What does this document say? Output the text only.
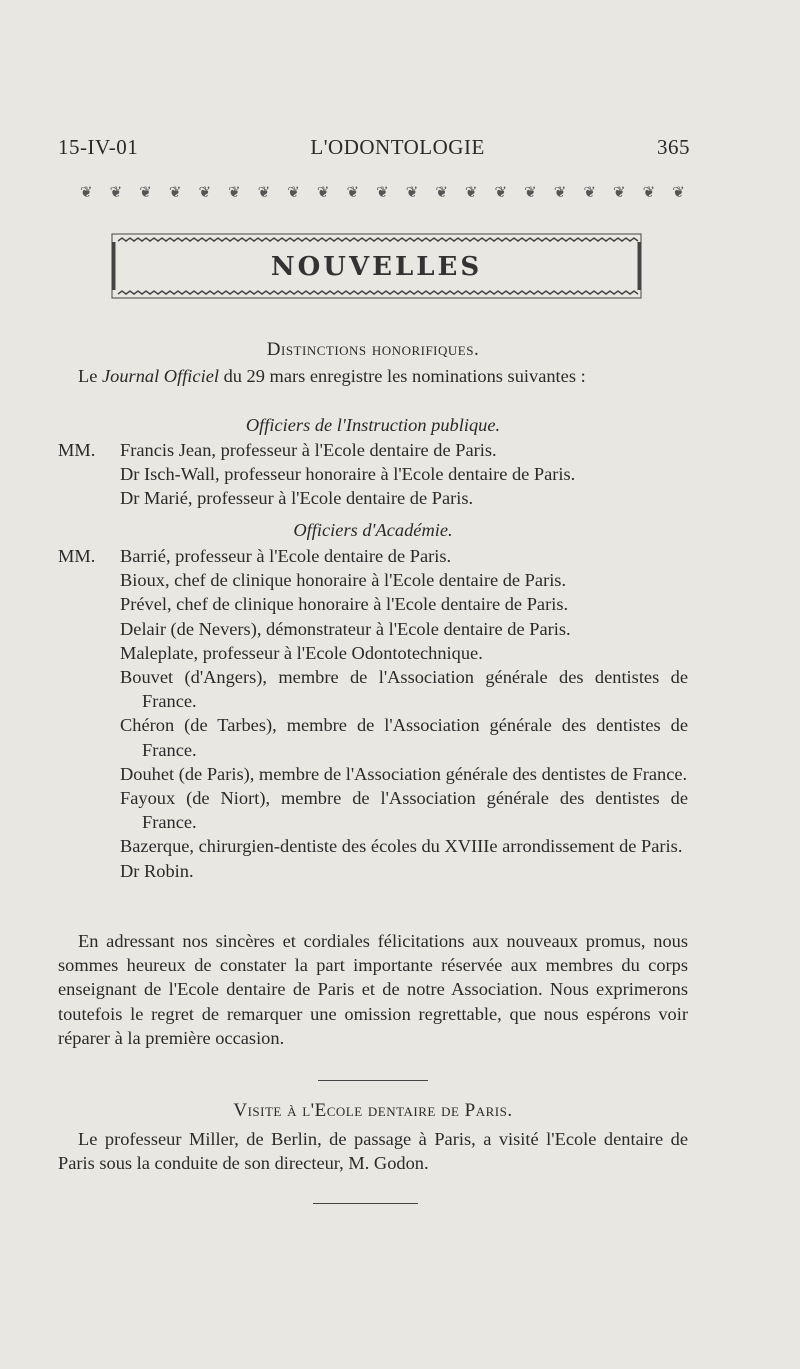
15-IV-01	L'ODONTOLOGIE	365
❦ ❦ ❦ ❦ ❦ ❦ ❦ ❦ ❦ ❦ ❦ ❦ ❦ ❦ ❦ ❦ ❦ ❦ ❦ ❦ ❦
NOUVELLES
Distinctions honorifiques.
Le Journal Officiel du 29 mars enregistre les nominations suivantes :
Officiers de l'Instruction publique.
MM.	Francis Jean, professeur à l'Ecole dentaire de Paris.
Dr Isch-Wall, professeur honoraire à l'Ecole dentaire de Paris.
Dr Marié, professeur à l'Ecole dentaire de Paris.
Officiers d'Académie.
MM.	Barrié, professeur à l'Ecole dentaire de Paris.
Bioux, chef de clinique honoraire à l'Ecole dentaire de Paris.
Prével, chef de clinique honoraire à l'Ecole dentaire de Paris.
Delair (de Nevers), démonstrateur à l'Ecole dentaire de Paris.
Maleplate, professeur à l'Ecole Odontotechnique.
Bouvet (d'Angers), membre de l'Association générale des dentistes de France.
Chéron (de Tarbes), membre de l'Association générale des dentistes de France.
Douhet (de Paris), membre de l'Association générale des dentistes de France.
Fayoux (de Niort), membre de l'Association générale des dentistes de France.
Bazerque, chirurgien-dentiste des écoles du XVIIIe arrondissement de Paris.
Dr Robin.
En adressant nos sincères et cordiales félicitations aux nouveaux promus, nous sommes heureux de constater la part importante réservée aux membres du corps enseignant de l'Ecole dentaire de Paris et de notre Association. Nous exprimerons toutefois le regret de remarquer une omission regrettable, que nous espérons voir réparer à la première occasion.
Visite à l'Ecole dentaire de Paris.
Le professeur Miller, de Berlin, de passage à Paris, a visité l'Ecole dentaire de Paris sous la conduite de son directeur, M. Godon.
